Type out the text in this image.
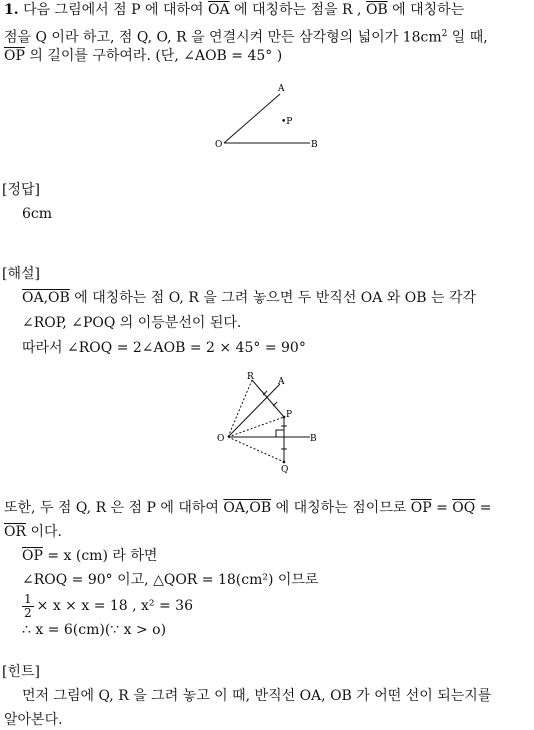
1. 다음 그림에서 점 P 에 대하여 $\overline{OA}$ 에 대칭하는 점을 R , $\overline{OB}$ 에 대칭하는
점을 Q 이라 하고, 점 Q, O, R 을 연결시켜 만든 삼각형의 넓이가 $18cm^2$ 일 때,
$\overline{OP}$ 의 길이를 구하여라. (단, ∠AOB = 45° )
O
A
B
•P
[정답]
6cm
[해설]
OA,OB 에 대칭하는 점 O, R 을 그려 놓으면 두 반직선 OA 와 OB 는 각각
∠ROP, ∠POQ 의 이등분선이 된다.
따라서 ∠ROQ = 2∠AOB = 2 × 45° = 90°
R	A
P
O	B
Q
또한, 두 점 Q, R 은 점 P 에 대하여 OA,OB 에 대칭하는 점이므로 $\overline{OP} = \overline{OQ}$ =
$\overline{OR}$ 이다.
$\overline{OP} = x$ (cm) 라 하면
∠ROQ = 90° 이고, △QOR = 18(cm²) 이므로
$\frac{1}{2} \times x \times x = 18$ , x² = 36
∴ x = 6(cm)(∵ x > o)
[힌트]
먼저 그림에 Q, R 을 그려 놓고 이 때, 반직선 OA, OB 가 어떤 선이 되는지를
알아본다.
